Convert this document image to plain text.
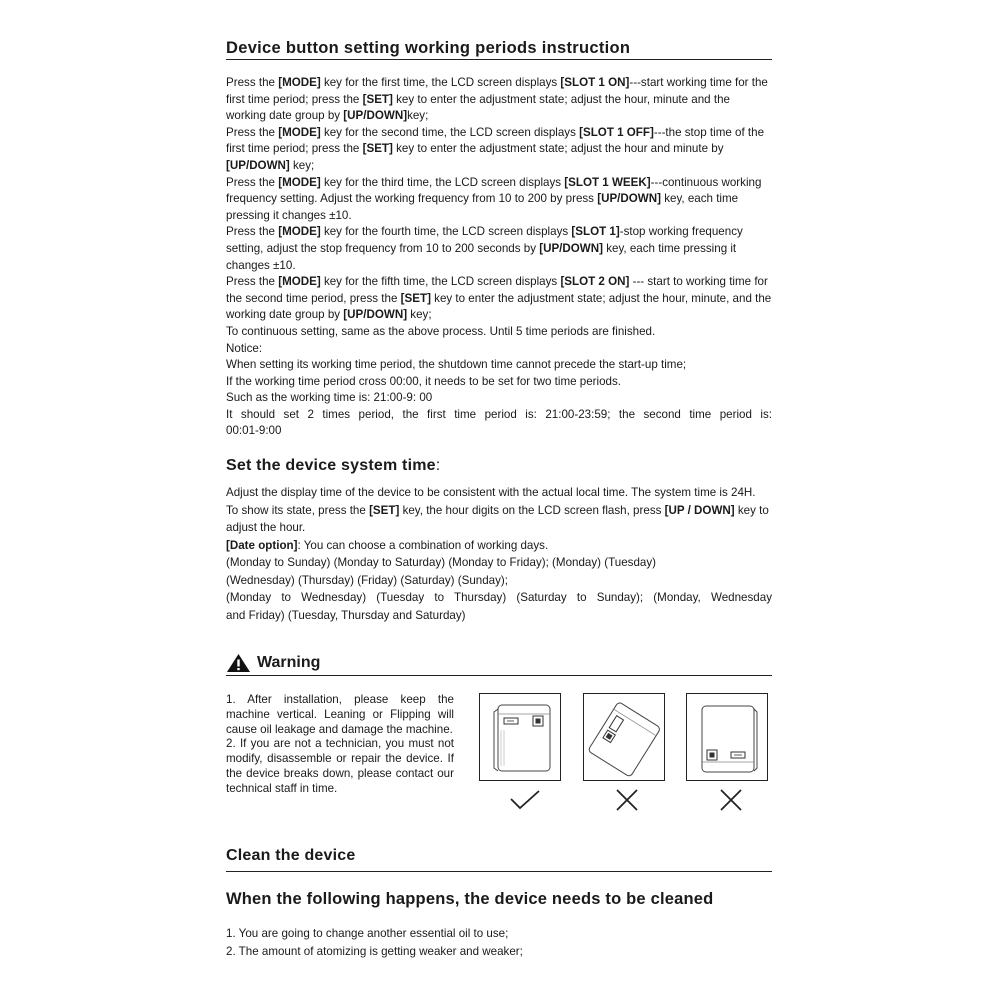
Device button setting working periods instruction

Press the [MODE] key for the first time, the LCD screen displays [SLOT 1 ON]---start working time for the first time period; press the [SET] key to enter the adjustment state; adjust the hour, minute and the working date group by [UP/DOWN]key;

Press the [MODE] key for the second time, the LCD screen displays [SLOT 1 OFF]---the stop time of the first time period; press the [SET] key to enter the adjustment state; adjust the hour and minute by [UP/DOWN] key;

Press the [MODE] key for the third time, the LCD screen displays [SLOT 1 WEEK]---continuous working frequency setting. Adjust the working frequency from 10 to 200 by press [UP/DOWN] key, each time pressing it changes ±10.

Press the [MODE] key for the fourth time, the LCD screen displays [SLOT 1]-stop working frequency setting, adjust the stop frequency from 10 to 200 seconds by [UP/DOWN] key, each time pressing it changes ±10.

Press the [MODE] key for the fifth time, the LCD screen displays [SLOT 2 ON] --- start to working time for the second time period, press the [SET] key to enter the adjustment state; adjust the hour, minute, and the working date group by [UP/DOWN] key;

To continuous setting, same as the above process. Until 5 time periods are finished.

Notice:

When setting its working time period, the shutdown time cannot precede the start-up time;

If the working time period cross 00:00, it needs to be set for two time periods.

Such as the working time is: 21:00-9: 00

It should set 2 times period, the first time period is: 21:00-23:59; the second time period is:

00:01-9:00

Set the device system time:

Adjust the display time of the device to be consistent with the actual local time. The system time is 24H.

To show its state, press the [SET] key, the hour digits on the LCD screen flash, press [UP / DOWN] key to adjust the hour.

[Date option]: You can choose a combination of working days.

(Monday to Sunday) (Monday to Saturday) (Monday to Friday); (Monday) (Tuesday)

(Wednesday) (Thursday) (Friday) (Saturday) (Sunday);

(Monday to Wednesday) (Tuesday to Thursday) (Saturday to Sunday); (Monday, Wednesday

and Friday) (Tuesday, Thursday and Saturday)

Warning

1. After installation, please keep the machine vertical. Leaning or Flipping will cause oil leakage and damage the machine.

2. If you are not a technician, you must not modify, disassemble or repair the device. If the device breaks down, please contact our technical staff in time.

Clean the device
When the following happens, the device needs to be cleaned

1. You are going to change another essential oil to use;

2. The amount of atomizing is getting weaker and weaker;
